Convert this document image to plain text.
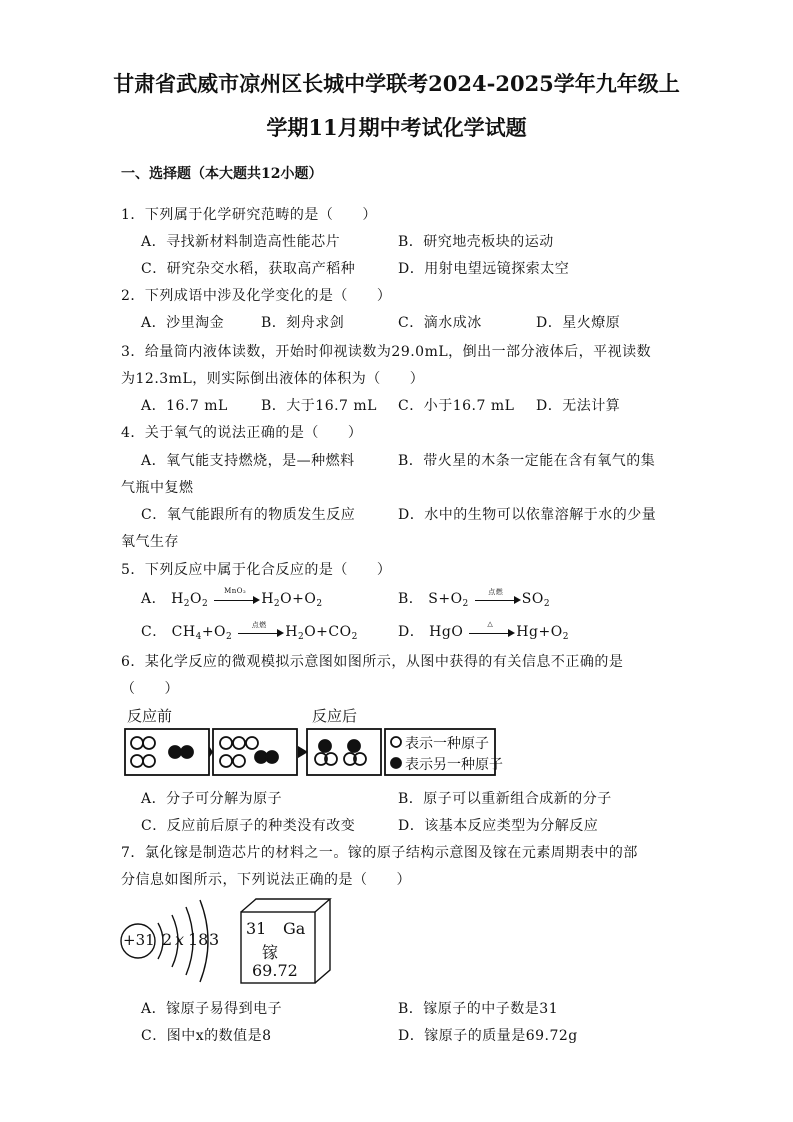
甘肃省武威市凉州区长城中学联考2024-2025学年九年级上
学期11月期中考试化学试题
一、选择题（本大题共12小题）
1．下列属于化学研究范畴的是（　　）
A．寻找新材料制造高性能芯片	B．研究地壳板块的运动
C．研究杂交水稻，获取高产稻种	D．用射电望远镜探索太空
2．下列成语中涉及化学变化的是（　　）
A．沙里淘金	B．刻舟求剑	C．滴水成冰	D．星火燎原
3．给量筒内液体读数，开始时仰视读数为29.0mL，倒出一部分液体后，平视读数
为12.3mL，则实际倒出液体的体积为（　　）
A．16.7 mL B．大于16.7 mL C．小于16.7 mL D．无法计算
4．关于氧气的说法正确的是（　　）
A．氧气能支持燃烧，是—种燃料	B．带火星的木条一定能在含有氧气的集
气瓶中复燃
C．氧气能跟所有的物质发生反应	D．水中的生物可以依靠溶解于水的少量
氧气生存
5．下列反应中属于化合反应的是（　　）
A． $H_2O_2$
MnO₂	$H_2O+O_2$	B． $S+O_2$
点燃	$SO_2$
C． $CH_4+O_2$
点燃	$H_2O+CO_2$	D． HgO	△	$Hg+O_2$
6．某化学反应的微观模拟示意图如图所示，从图中获得的有关信息不正确的是
（　　）
反应前	反应后
表示一种原子
表示另一种原子
A．分子可分解为原子	B．原子可以重新组合成新的分子
C．反应前后原子的种类没有改变	D．该基本反应类型为分解反应
7．氯化镓是制造芯片的材料之一。镓的原子结构示意图及镓在元素周期表中的部
分信息如图所示，下列说法正确的是（　　）
+31 2 x 18 3
31 Ga
镓
69.72
A．镓原子易得到电子	B．镓原子的中子数是31
C．图中x的数值是8	D．镓原子的质量是69.72g
